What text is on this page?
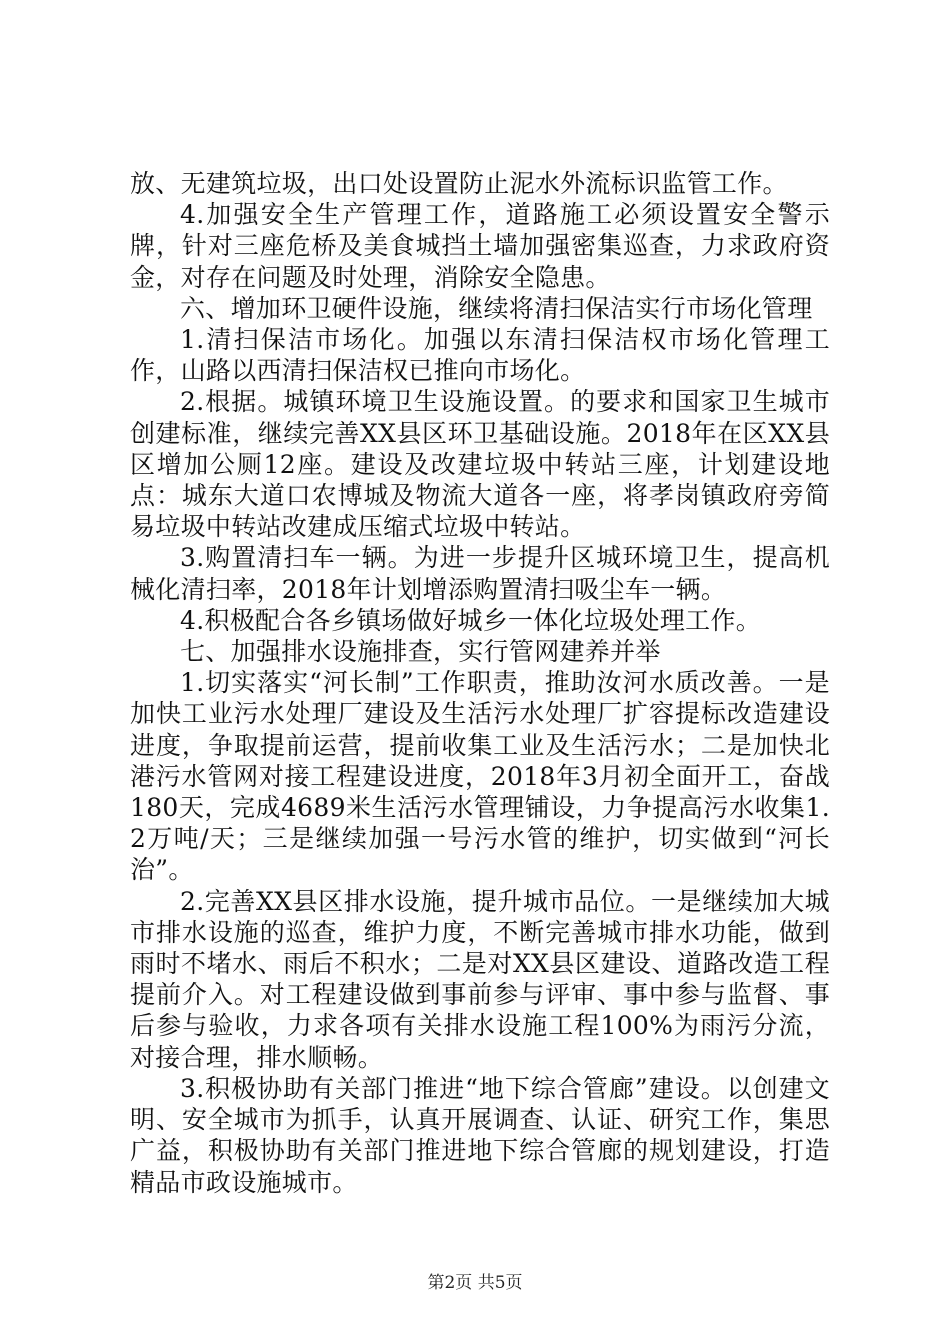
放、无建筑垃圾，出口处设置防止泥水外流标识监管工作。

4.加强安全生产管理工作，道路施工必须设置安全警示牌，针对三座危桥及美食城挡土墙加强密集巡查，力求政府资金，对存在问题及时处理，消除安全隐患。

六、增加环卫硬件设施，继续将清扫保洁实行市场化管理

1.清扫保洁市场化。加强以东清扫保洁权市场化管理工作，山路以西清扫保洁权已推向市场化。

2.根据。城镇环境卫生设施设置。的要求和国家卫生城市创建标准，继续完善XX县区环卫基础设施。2018年在区XX县区增加公厕12座。建设及改建垃圾中转站三座，计划建设地点：城东大道口农博城及物流大道各一座，将孝岗镇政府旁简易垃圾中转站改建成压缩式垃圾中转站。

3.购置清扫车一辆。为进一步提升区城环境卫生，提高机械化清扫率，2018年计划增添购置清扫吸尘车一辆。

4.积极配合各乡镇场做好城乡一体化垃圾处理工作。

七、加强排水设施排查，实行管网建养并举

1.切实落实“河长制”工作职责，推助汝河水质改善。一是加快工业污水处理厂建设及生活污水处理厂扩容提标改造建设进度，争取提前运营，提前收集工业及生活污水；二是加快北港污水管网对接工程建设进度，2018年3月初全面开工，奋战180天，完成4689米生活污水管理铺设，力争提高污水收集1.2万吨/天；三是继续加强一号污水管的维护，切实做到“河长治”。

2.完善XX县区排水设施，提升城市品位。一是继续加大城市排水设施的巡查，维护力度，不断完善城市排水功能，做到雨时不堵水、雨后不积水；二是对XX县区建设、道路改造工程提前介入。对工程建设做到事前参与评审、事中参与监督、事后参与验收，力求各项有关排水设施工程100%为雨污分流，对接合理，排水顺畅。

3.积极协助有关部门推进“地下综合管廊”建设。以创建文明、安全城市为抓手，认真开展调查、认证、研究工作，集思广益，积极协助有关部门推进地下综合管廊的规划建设，打造精品市政设施城市。

第2页 共5页
